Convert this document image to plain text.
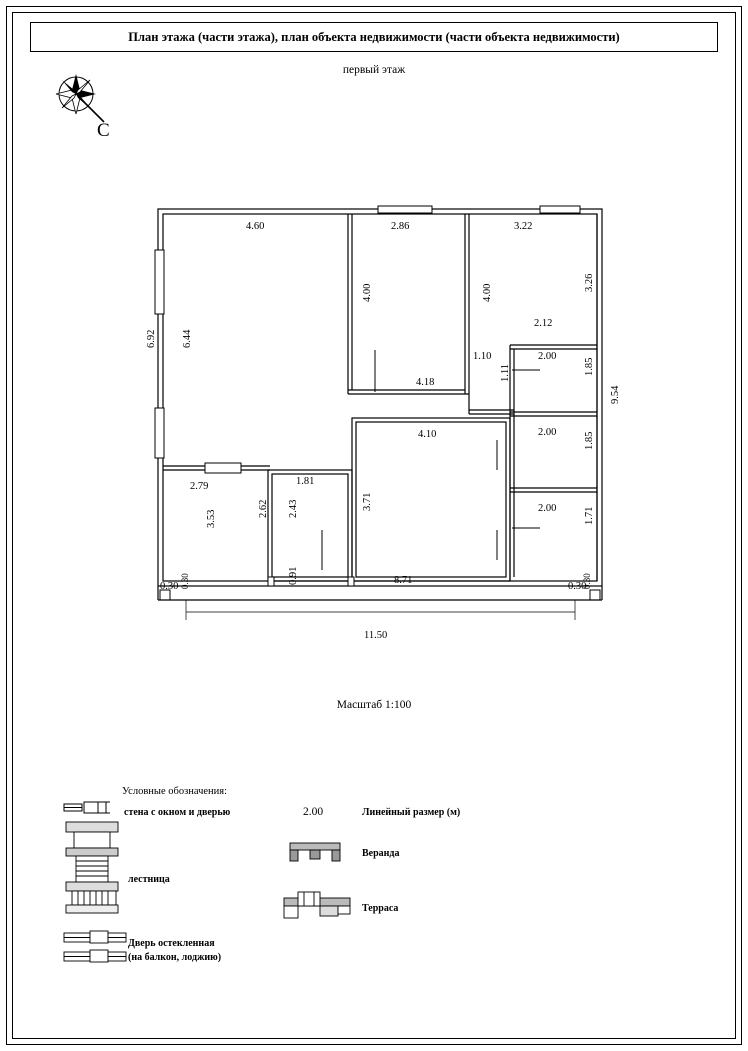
План этажа (части этажа), план объекта недвижимости (части объекта недвижимости)
первый этаж
С
4.60	2.86	3.22
4.00	4.00
3.26
6.92 6.44
9.54
2.12
1.10	2.00
1.85
1.11
4.18
4.10	2.00	1.85
2.00	1.71
2.79	1.81
3.71
3.53
2.62 2.43
8.71
0.91
0.30 0.30	0.30
0.30
11.50
Масштаб 1:100
Условные обозначения:
стена с окном и дверью
лестница
Дверь остекленная
(на балкон, лоджию)
2.00	Линейный размер (м)
Веранда
Терраса
